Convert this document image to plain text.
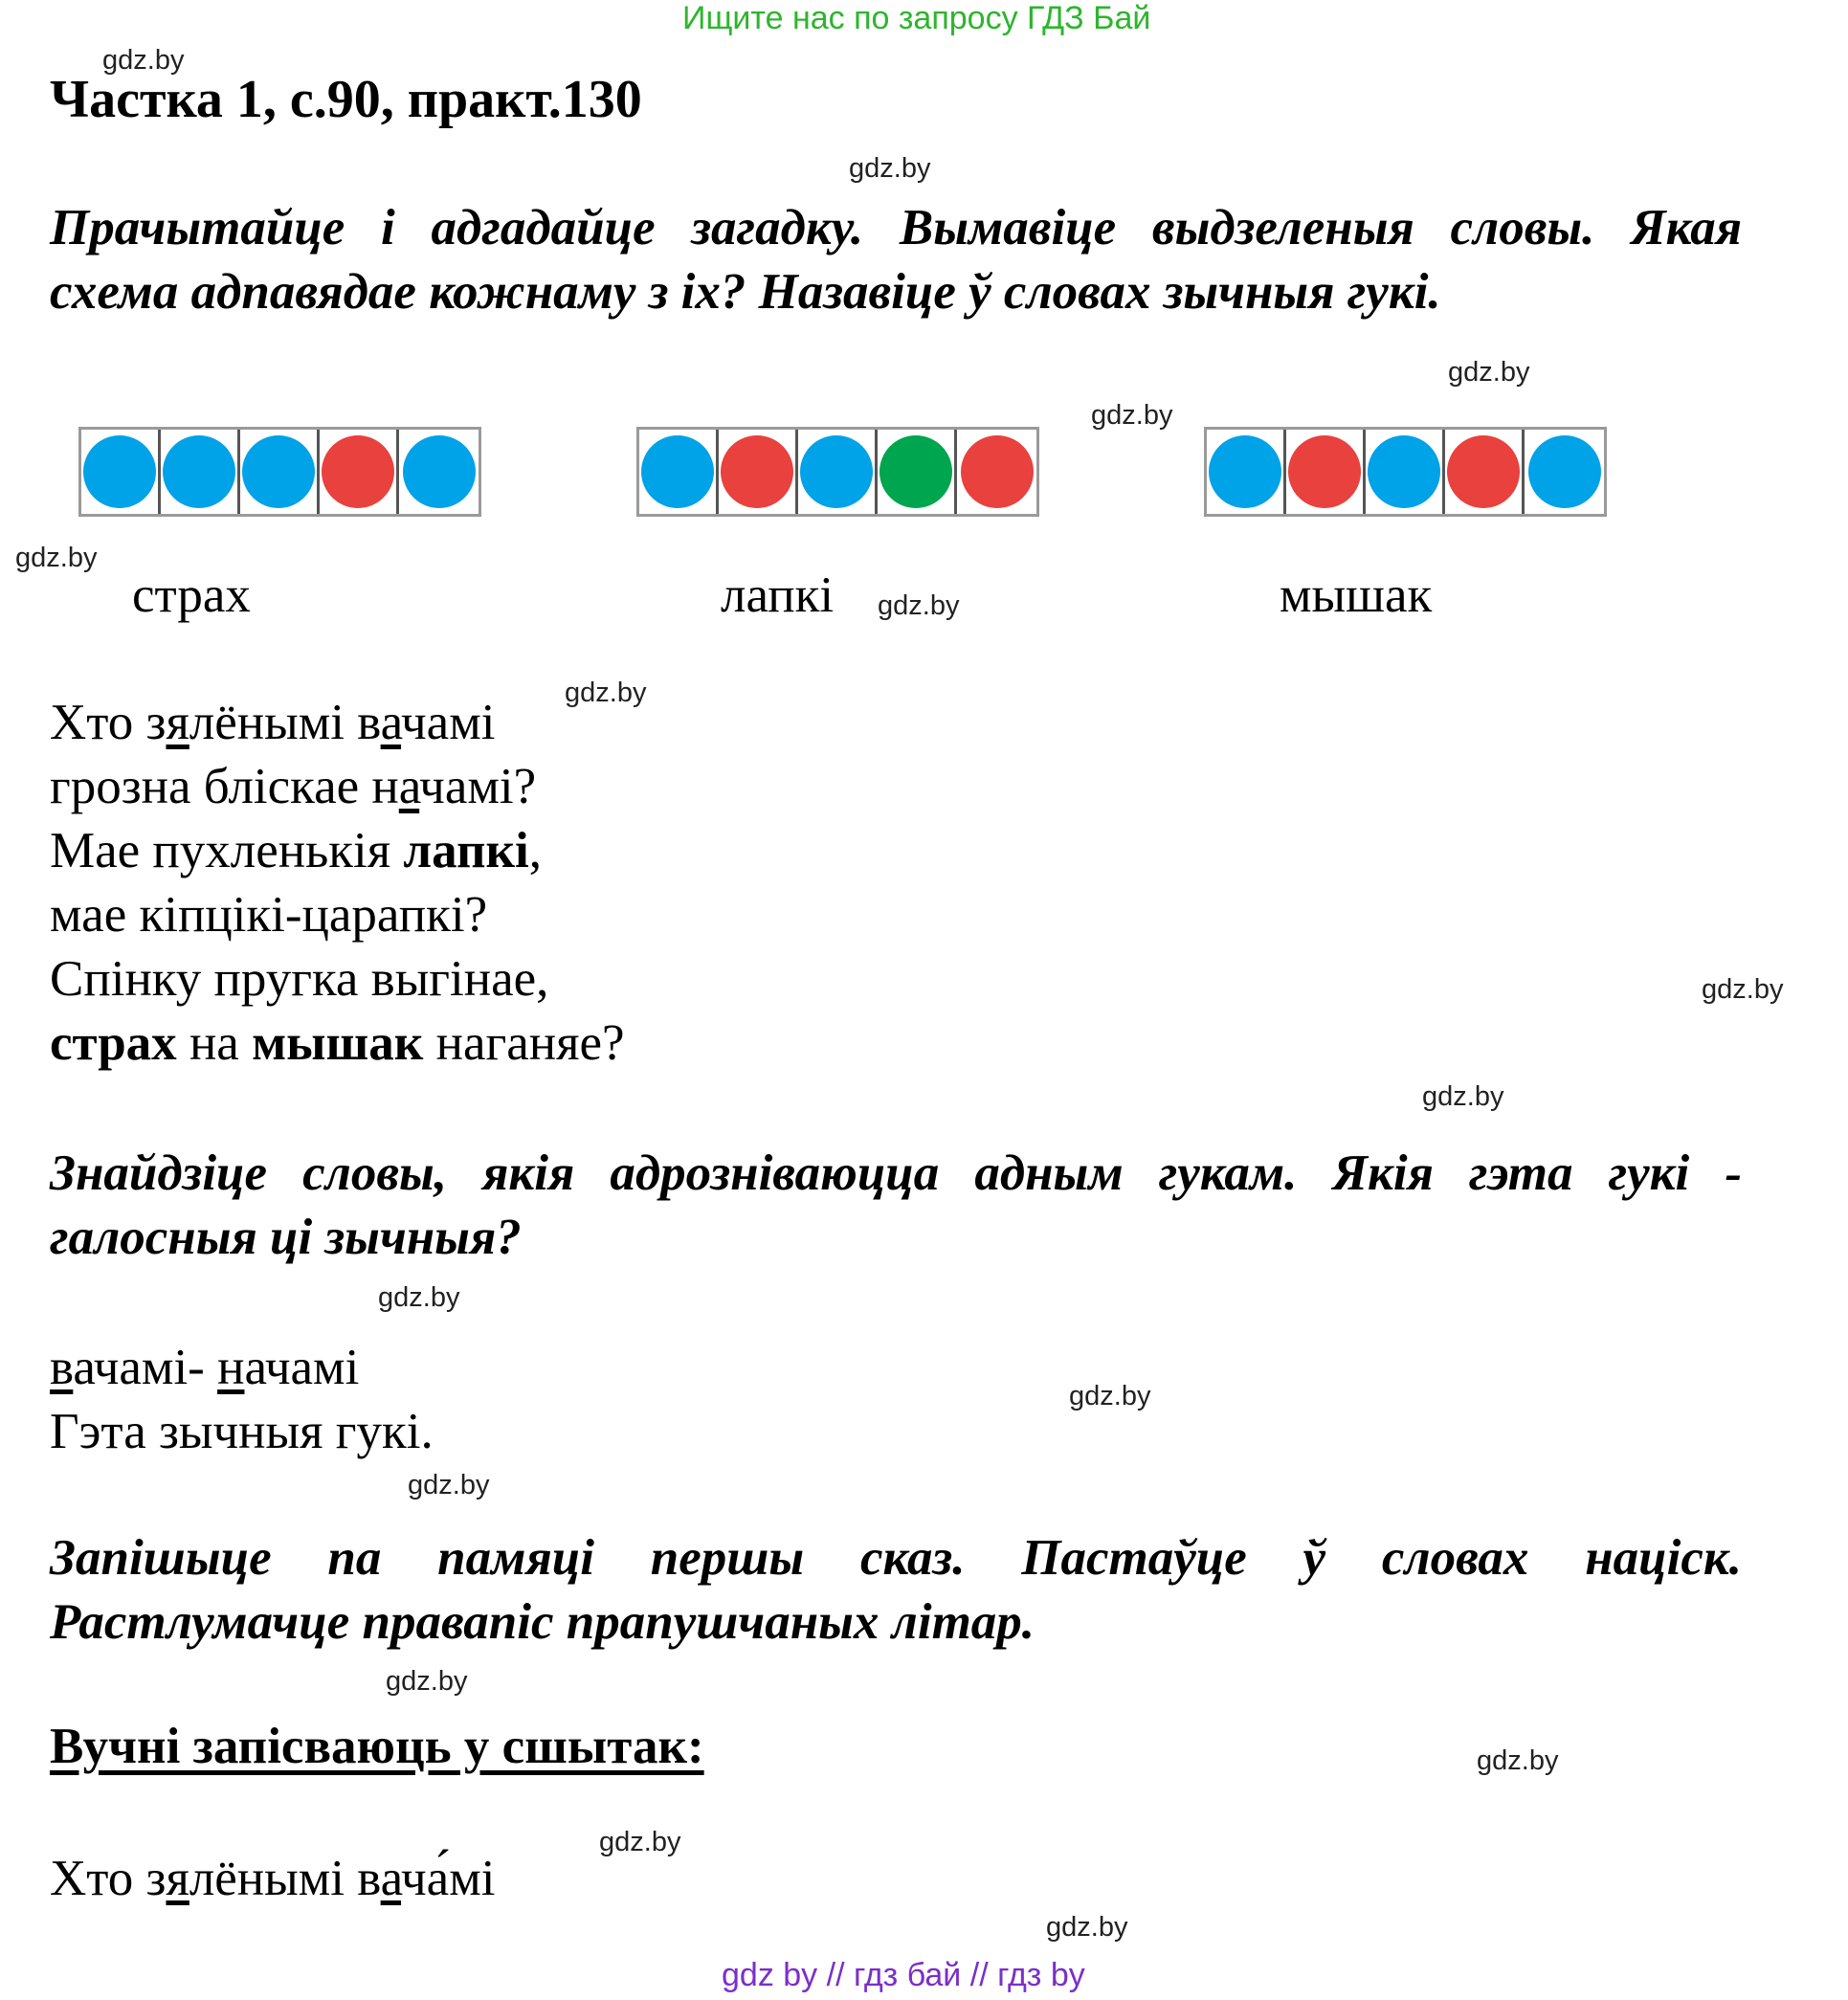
Ищите нас по запросу ГДЗ Бай
gdz.by
gdz.by
gdz.by
gdz.by
gdz.by
gdz.by
gdz.by
gdz.by
gdz.by
gdz.by
gdz.by
gdz.by
gdz.by
gdz.by
gdz.by
gdz.by
Частка 1, с.90, практ.130
Прачытайце і адгадайце загадку. Вымавіце выдзеленыя словы. Якая
схема адпавядае кожнаму з іх? Назавіце ў словах зычныя гукі.
страх	лапкі	мышак
Хто зялёнымі вачамі
грозна бліскае начамі?
Мае пухленькія лапкі,
мае кіпцікі-царапкі?
Спінку пругка выгінае,
страх на мышак наганяе?
Знайдзіце словы, якія адрозніваюцца адным гукам. Якія гэта гукі -
галосныя ці зычныя?
вачамі- начамі
Гэта зычныя гукі.
Запішыце па памяці першы сказ. Пастаўце ў словах націск.
Растлумачце правапіс прапушчаных літар.
Вучні запісваюць у сшытак:
Хто зялёнымі вача́мі
gdz by // гдз бай // гдз by
